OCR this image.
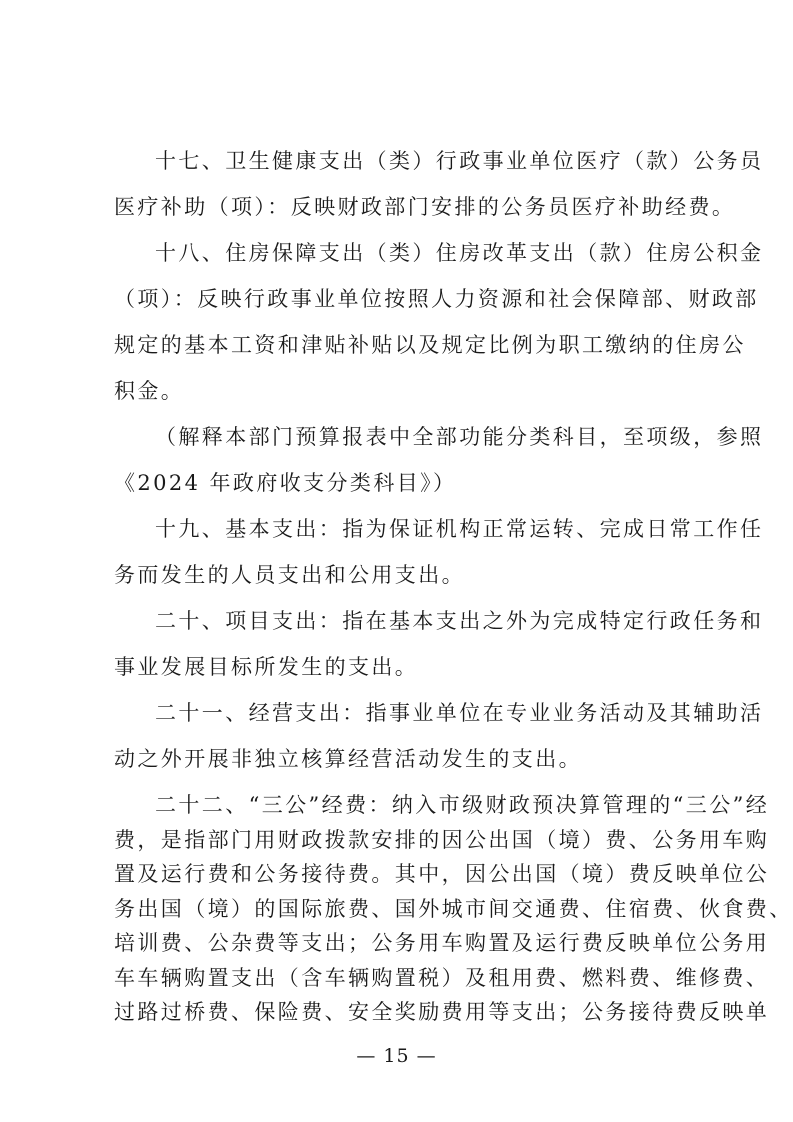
十七、卫生健康支出（类）行政事业单位医疗（款）公务员
医疗补助（项）：反映财政部门安排的公务员医疗补助经费。
十八、住房保障支出（类）住房改革支出（款）住房公积金
（项）：反映行政事业单位按照人力资源和社会保障部、财政部
规定的基本工资和津贴补贴以及规定比例为职工缴纳的住房公
积金。
（解释本部门预算报表中全部功能分类科目，至项级，参照
《2024 年政府收支分类科目》）
十九、基本支出：指为保证机构正常运转、完成日常工作任
务而发生的人员支出和公用支出。
二十、项目支出：指在基本支出之外为完成特定行政任务和
事业发展目标所发生的支出。
二十一、经营支出：指事业单位在专业业务活动及其辅助活
动之外开展非独立核算经营活动发生的支出。
— 15 —
二十二、“三公”经费：纳入市级财政预决算管理的“三公”经
费，是指部门用财政拨款安排的因公出国（境）费、公务用车购
置及运行费和公务接待费。其中，因公出国（境）费反映单位公
务出国（境）的国际旅费、国外城市间交通费、住宿费、伙食费、
培训费、公杂费等支出；公务用车购置及运行费反映单位公务用
车车辆购置支出（含车辆购置税）及租用费、燃料费、维修费、
过路过桥费、保险费、安全奖励费用等支出；公务接待费反映单
